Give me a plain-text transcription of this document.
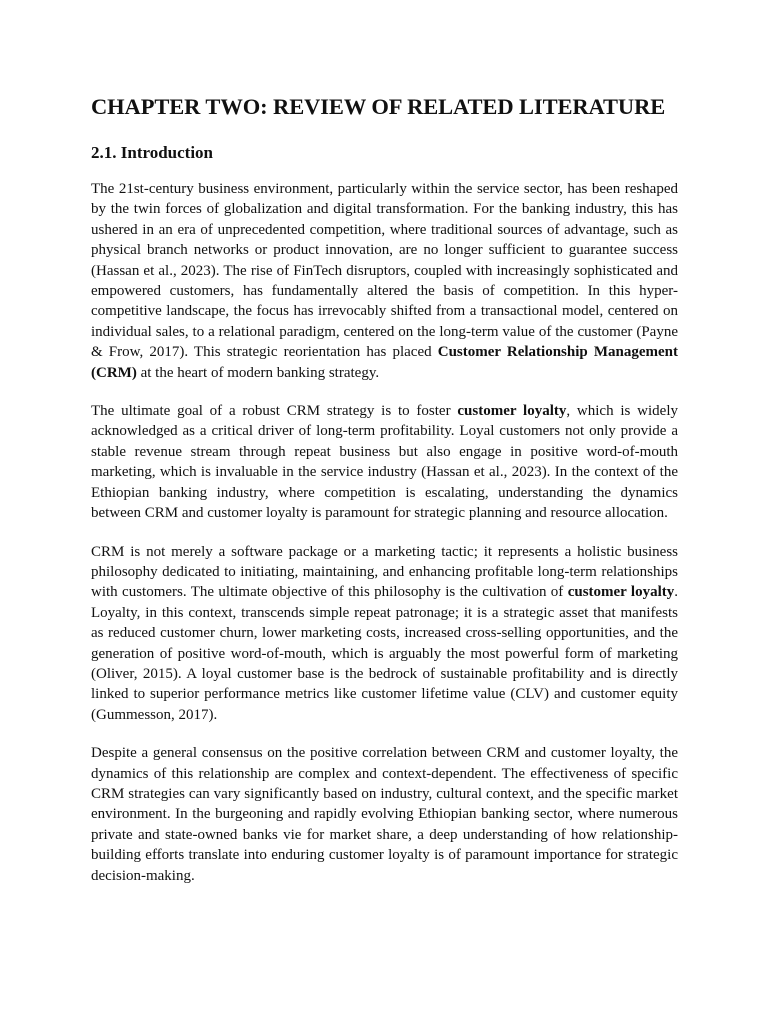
CHAPTER TWO: REVIEW OF RELATED LITERATURE
2.1. Introduction

The 21st-century business environment, particularly within the service sector, has been reshaped by the twin forces of globalization and digital transformation. For the banking industry, this has ushered in an era of unprecedented competition, where traditional sources of advantage, such as physical branch networks or product innovation, are no longer sufficient to guarantee success (Hassan et al., 2023). The rise of FinTech disruptors, coupled with increasingly sophisticated and empowered customers, has fundamentally altered the basis of competition. In this hyper-competitive landscape, the focus has irrevocably shifted from a transactional model, centered on individual sales, to a relational paradigm, centered on the long-term value of the customer (Payne & Frow, 2017). This strategic reorientation has placed Customer Relationship Management (CRM) at the heart of modern banking strategy.

The ultimate goal of a robust CRM strategy is to foster customer loyalty, which is widely acknowledged as a critical driver of long-term profitability. Loyal customers not only provide a stable revenue stream through repeat business but also engage in positive word-of-mouth marketing, which is invaluable in the service industry (Hassan et al., 2023). In the context of the Ethiopian banking industry, where competition is escalating, understanding the dynamics between CRM and customer loyalty is paramount for strategic planning and resource allocation.

CRM is not merely a software package or a marketing tactic; it represents a holistic business philosophy dedicated to initiating, maintaining, and enhancing profitable long-term relationships with customers. The ultimate objective of this philosophy is the cultivation of customer loyalty. Loyalty, in this context, transcends simple repeat patronage; it is a strategic asset that manifests as reduced customer churn, lower marketing costs, increased cross-selling opportunities, and the generation of positive word-of-mouth, which is arguably the most powerful form of marketing (Oliver, 2015). A loyal customer base is the bedrock of sustainable profitability and is directly linked to superior performance metrics like customer lifetime value (CLV) and customer equity (Gummesson, 2017).

Despite a general consensus on the positive correlation between CRM and customer loyalty, the dynamics of this relationship are complex and context-dependent. The effectiveness of specific CRM strategies can vary significantly based on industry, cultural context, and the specific market environment. In the burgeoning and rapidly evolving Ethiopian banking sector, where numerous private and state-owned banks vie for market share, a deep understanding of how relationship-building efforts translate into enduring customer loyalty is of paramount importance for strategic decision-making.
